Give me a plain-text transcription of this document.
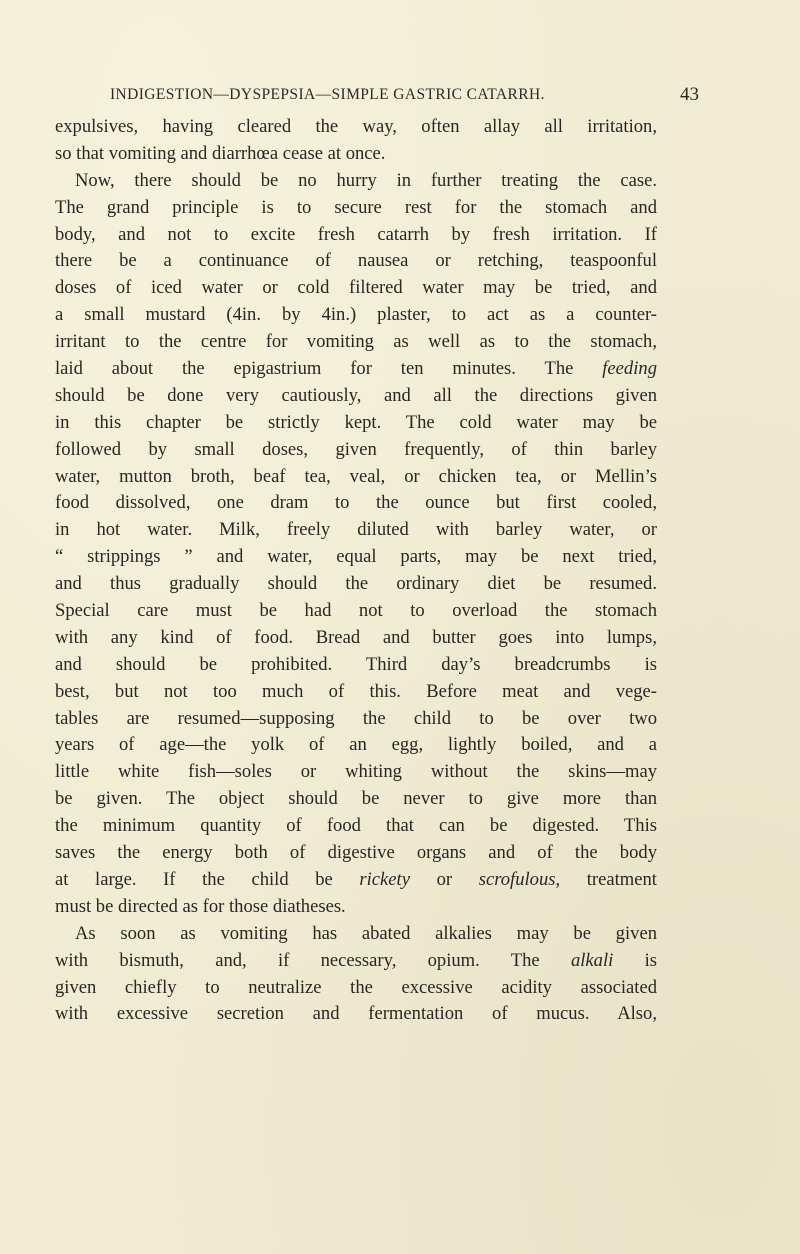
INDIGESTION—DYSPEPSIA—SIMPLE GASTRIC CATARRH.	43
expulsives, having cleared the way, often allay all irritation,
so that vomiting and diarrhœa cease at once.
Now, there should be no hurry in further treating the case.
The grand principle is to secure rest for the stomach and
body, and not to excite fresh catarrh by fresh irritation. If
there be a continuance of nausea or retching, teaspoonful
doses of iced water or cold filtered water may be tried, and
a small mustard (4in. by 4in.) plaster, to act as a counter-
irritant to the centre for vomiting as well as to the stomach,
laid about the epigastrium for ten minutes. The feeding
should be done very cautiously, and all the directions given
in this chapter be strictly kept. The cold water may be
followed by small doses, given frequently, of thin barley
water, mutton broth, beaf tea, veal, or chicken tea, or Mellin’s
food dissolved, one dram to the ounce but first cooled,
in hot water. Milk, freely diluted with barley water, or
“ strippings ” and water, equal parts, may be next tried,
and thus gradually should the ordinary diet be resumed.
Special care must be had not to overload the stomach
with any kind of food. Bread and butter goes into lumps,
and should be prohibited. Third day’s breadcrumbs is
best, but not too much of this. Before meat and vege-
tables are resumed—supposing the child to be over two
years of age—the yolk of an egg, lightly boiled, and a
little white fish—soles or whiting without the skins—may
be given. The object should be never to give more than
the minimum quantity of food that can be digested. This
saves the energy both of digestive organs and of the body
at large. If the child be rickety or scrofulous, treatment
must be directed as for those diatheses.
As soon as vomiting has abated alkalies may be given
with bismuth, and, if necessary, opium. The alkali is
given chiefly to neutralize the excessive acidity associated
with excessive secretion and fermentation of mucus. Also,
